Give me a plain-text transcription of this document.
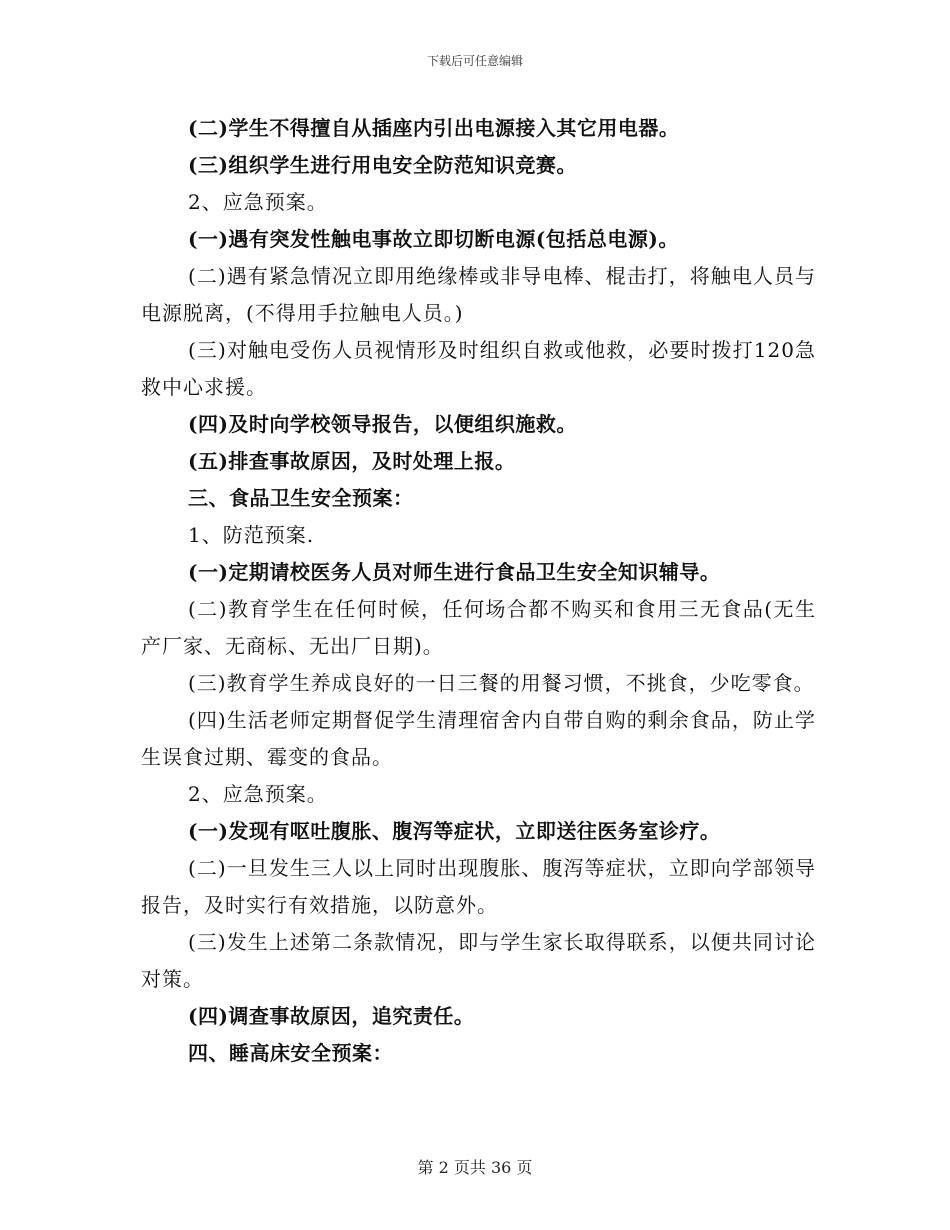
下载后可任意编辑

(二)学生不得擅自从插座内引出电源接入其它用电器。

(三)组织学生进行用电安全防范知识竞赛。

2、应急预案。

(一)遇有突发性触电事故立即切断电源(包括总电源)。

(二)遇有紧急情况立即用绝缘棒或非导电棒、棍击打，将触电人员与电源脱离，(不得用手拉触电人员。)

(三)对触电受伤人员视情形及时组织自救或他救，必要时拨打120急救中心求援。

(四)及时向学校领导报告，以便组织施救。

(五)排查事故原因，及时处理上报。

三、食品卫生安全预案：

1、防范预案.

(一)定期请校医务人员对师生进行食品卫生安全知识辅导。

(二)教育学生在任何时候，任何场合都不购买和食用三无食品(无生产厂家、无商标、无出厂日期)。

(三)教育学生养成良好的一日三餐的用餐习惯，不挑食，少吃零食。

(四)生活老师定期督促学生清理宿舍内自带自购的剩余食品，防止学生误食过期、霉变的食品。

2、应急预案。

(一)发现有呕吐腹胀、腹泻等症状，立即送往医务室诊疗。

(二)一旦发生三人以上同时出现腹胀、腹泻等症状，立即向学部领导报告，及时实行有效措施，以防意外。

(三)发生上述第二条款情况，即与学生家长取得联系，以便共同讨论对策。

(四)调查事故原因，追究责任。

四、睡高床安全预案：

第 2 页共 36 页
